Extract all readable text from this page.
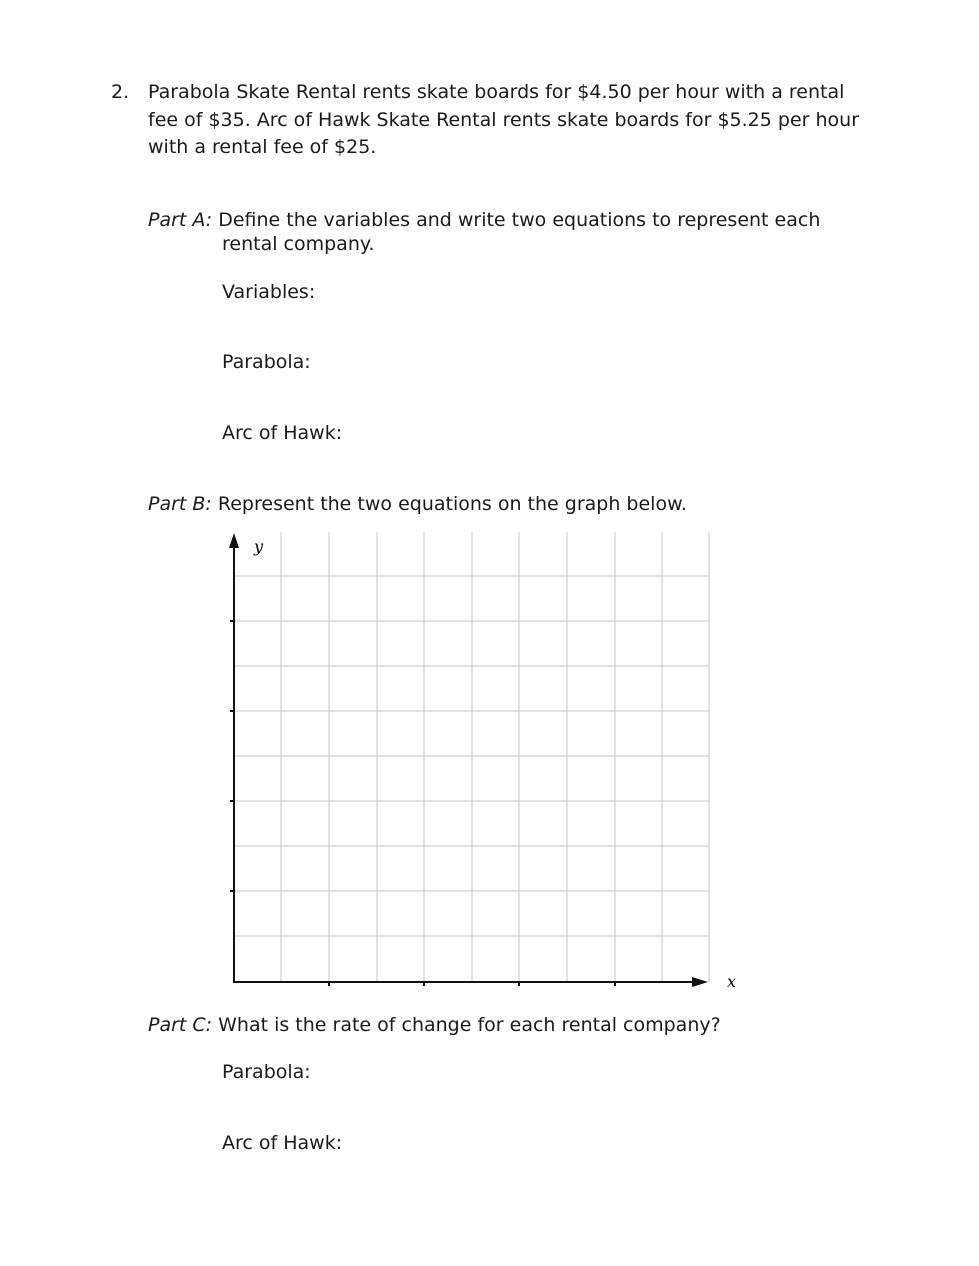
2. Parabola Skate Rental rents skate boards for $4.50 per hour with a rental
fee of $35. Arc of Hawk Skate Rental rents skate boards for $5.25 per hour
with a rental fee of $25.
Part A: Define the variables and write two equations to represent each
rental company.
Variables:
Parabola:
Arc of Hawk:
Part B: Represent the two equations on the graph below.
y
x
Part C: What is the rate of change for each rental company?
Parabola:
Arc of Hawk:
